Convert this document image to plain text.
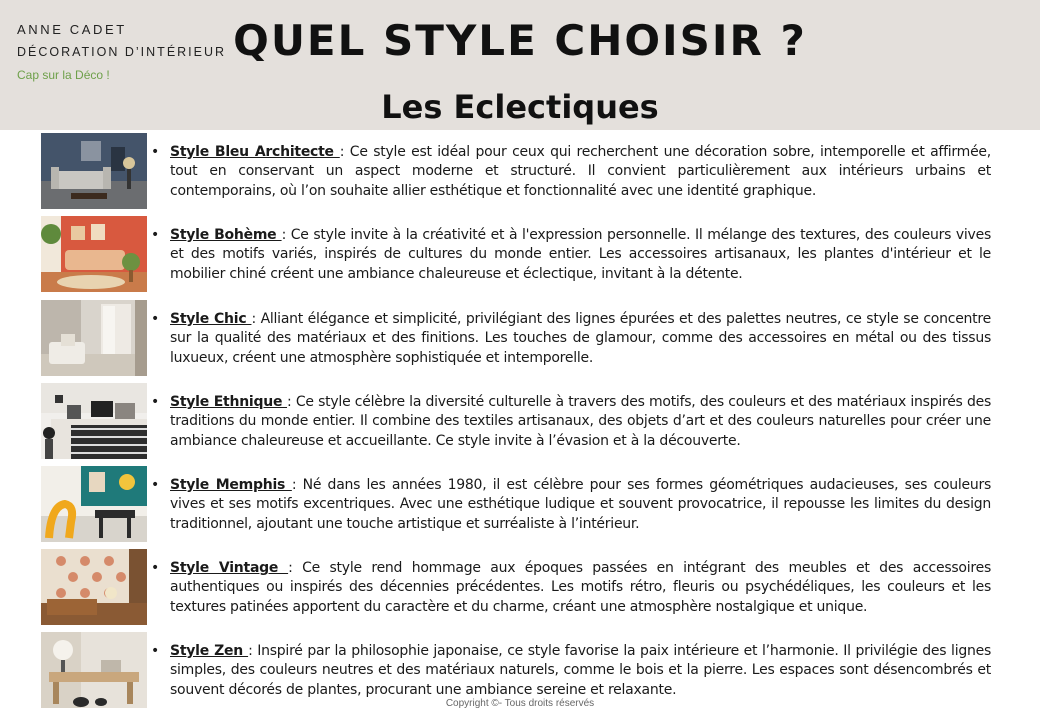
ANNE CADET
DÉCORATION D’INTÉRIEUR
Cap sur la Déco !
QUEL STYLE CHOISIR ?
Les Eclectiques
• Style Bleu Architecte : Ce style est idéal pour ceux qui recherchent une décoration sobre, intemporelle et affirmée, tout en conservant un aspect moderne et structuré. Il convient particulièrement aux intérieurs urbains et contemporains, où l’on souhaite allier esthétique et fonctionnalité avec une identité graphique.
• Style Bohème : Ce style invite à la créativité et à l'expression personnelle. Il mélange des textures, des couleurs vives et des motifs variés, inspirés de cultures du monde entier. Les accessoires artisanaux, les plantes d'intérieur et le mobilier chiné créent une ambiance chaleureuse et éclectique, invitant à la détente.
• Style Chic : Alliant élégance et simplicité, privilégiant des lignes épurées et des palettes neutres, ce style se concentre sur la qualité des matériaux et des finitions. Les touches de glamour, comme des accessoires en métal ou des tissus luxueux, créent une atmosphère sophistiquée et intemporelle.
• Style Ethnique : Ce style célèbre la diversité culturelle à travers des motifs, des couleurs et des matériaux inspirés des traditions du monde entier. Il combine des textiles artisanaux, des objets d’art et des couleurs naturelles pour créer une ambiance chaleureuse et accueillante. Ce style invite à l’évasion et à la découverte.
• Style Memphis : Né dans les années 1980, il est célèbre pour ses formes géométriques audacieuses, ses couleurs vives et ses motifs excentriques. Avec une esthétique ludique et souvent provocatrice, il repousse les limites du design traditionnel, ajoutant une touche artistique et surréaliste à l’intérieur.
• Style Vintage : Ce style rend hommage aux époques passées en intégrant des meubles et des accessoires authentiques ou inspirés des décennies précédentes. Les motifs rétro, fleuris ou psychédéliques, les couleurs et les textures patinées apportent du caractère et du charme, créant une atmosphère nostalgique et unique.
• Style Zen : Inspiré par la philosophie japonaise, ce style favorise la paix intérieure et l’harmonie. Il privilégie des lignes simples, des couleurs neutres et des matériaux naturels, comme le bois et la pierre. Les espaces sont désencombrés et souvent décorés de plantes, procurant une ambiance sereine et relaxante.
Copyright ©- Tous droits réservés
